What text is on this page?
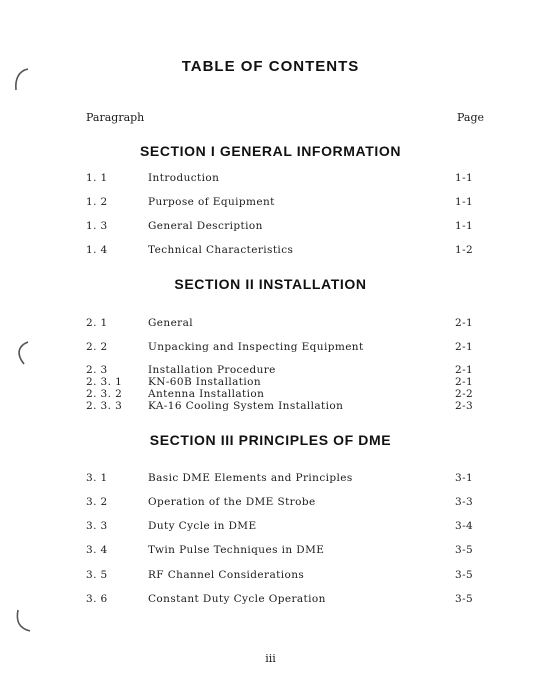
TABLE OF CONTENTS
Paragraph	Page
SECTION I GENERAL INFORMATION
1. 1	Introduction	1-1
1. 2	Purpose of Equipment	1-1
1. 3	General Description	1-1
1. 4	Technical Characteristics	1-2
SECTION II INSTALLATION
2. 1	General	2-1
2. 2	Unpacking and Inspecting Equipment	2-1
2. 3	Installation Procedure	2-1
2. 3. 1 KN-60B Installation	2-1
2. 3. 2 Antenna Installation	2-2
2. 3. 3 KA-16 Cooling System Installation	2-3
SECTION III PRINCIPLES OF DME
3. 1	Basic DME Elements and Principles	3-1
3. 2	Operation of the DME Strobe	3-3
3. 3	Duty Cycle in DME	3-4
3. 4	Twin Pulse Techniques in DME	3-5
3. 5	RF Channel Considerations	3-5
3. 6	Constant Duty Cycle Operation	3-5
iii
